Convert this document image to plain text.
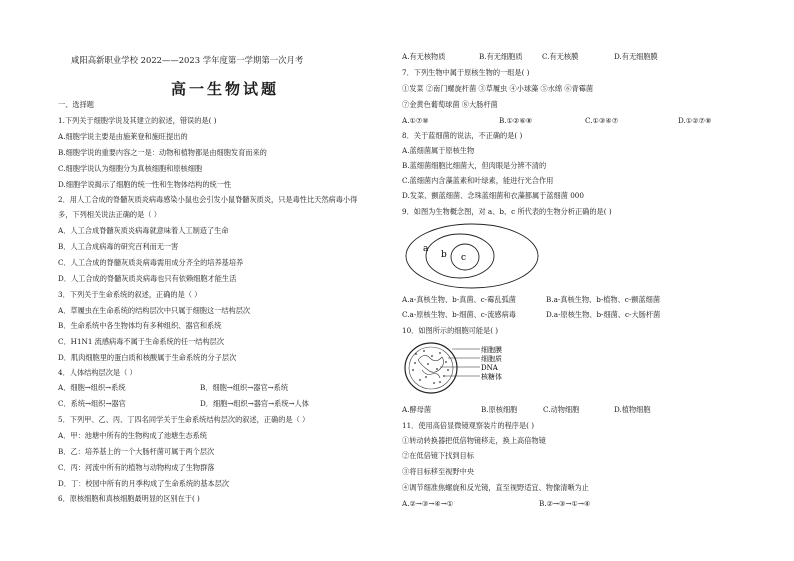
咸阳高新职业学校 2022——2023 学年度第一学期第一次月考
高一生物试题
一、选择题
1.下列关于细胞学说及其建立的叙述，错误的是( )
A.细胞学说主要是由施莱登和施旺提出的
B.细胞学说的重要内容之一是：动物和植物都是由细胞发育而来的
C.细胞学说认为细胞分为真核细胞和原核细胞
D.细胞学说揭示了细胞的统一性和生物体结构的统一性
2．用人工合成的脊髓灰质炎病毒感染小鼠也会引发小鼠脊髓灰质炎，只是毒性比天然病毒小得
多，下列相关说法正确的是（ ）
A．人工合成脊髓灰质炎病毒就意味着人工制造了生命
B．人工合成病毒的研究百利而无一害
C．人工合成的脊髓灰质炎病毒需用成分齐全的培养基培养
D．人工合成的脊髓灰质炎病毒也只有依赖细胞才能生活
3．下列关于生命系统的叙述，正确的是（ ）
A．草履虫在生命系统的结构层次中只属于细胞这一结构层次
B．生命系统中各生物体均有多种组织、器官和系统
C．H1N1 流感病毒不属于生命系统的任一结构层次
D．肌肉细胞里的蛋白质和核酸属于生命系统的分子层次
4．人体结构层次是（ ）
A．细胞→组织→系统	B．细胞→组织→器官→系统
C．系统→组织→器官	D．细胞→组织→器官→系统→人体
5．下列甲、乙、丙、丁四名同学关于生命系统结构层次的叙述，正确的是（ ）
A．甲：池塘中所有的生物构成了池塘生态系统
B．乙：培养基上的一个大肠杆菌可属于两个层次
C．丙：河流中所有的植物与动物构成了生物群落
D．丁：校园中所有的月季构成了生命系统的基本层次
6．原核细胞和真核细胞最明显的区别在于( )
A.有无核物质	B.有无细胞质	C.有无核膜	D.有无细胞膜
7．下列生物中属于原核生物的一组是( )
①发菜 ②南门螺旋杆菌 ③草履虫 ④小球藻 ⑤水绵 ⑥青霉菌
⑦金黄色葡萄球菌 ⑧大肠杆菌
A.①⑦⑧	B.①②⑥⑧	C.①③④⑦	D.①②⑦⑧
8．关于蓝细菌的说法，不正确的是( )
A.蓝细菌属于原核生物
B.蓝细菌细胞比细菌大，但肉眼是分辨不清的
C.蓝细菌内含藻蓝素和叶绿素，能进行光合作用
D.发菜、颤蓝细菌、念珠蓝细菌和衣藻都属于蓝细菌 000
9．如图为生物概念图，对 a、b、c 所代表的生物分析正确的是( )
a
b c
A.a-真核生物、b-真菌、c-霉乱弧菌	B.a-真核生物、b-植物、c-颤蓝细菌
C.a-原核生物、b-细菌、c-流感病毒	D.a-原核生物、b-细菌、c-大肠杆菌
10．如图所示的细胞可能是( )
细胞膜
细胞质
DNA
核糖体
A.酵母菌	B.原核细胞	C.动物细胞	D.植物细胞
11．使用高倍显微镜观察装片的程序是( )
①转动转换器把低倍物镜移走，换上高倍物镜
②在低倍镜下找到目标
③将目标移至视野中央
④调节细准焦螺旋和反光镜，直至视野适宜、物像清晰为止
A.②→③→④→①	B.②→③→①→④
